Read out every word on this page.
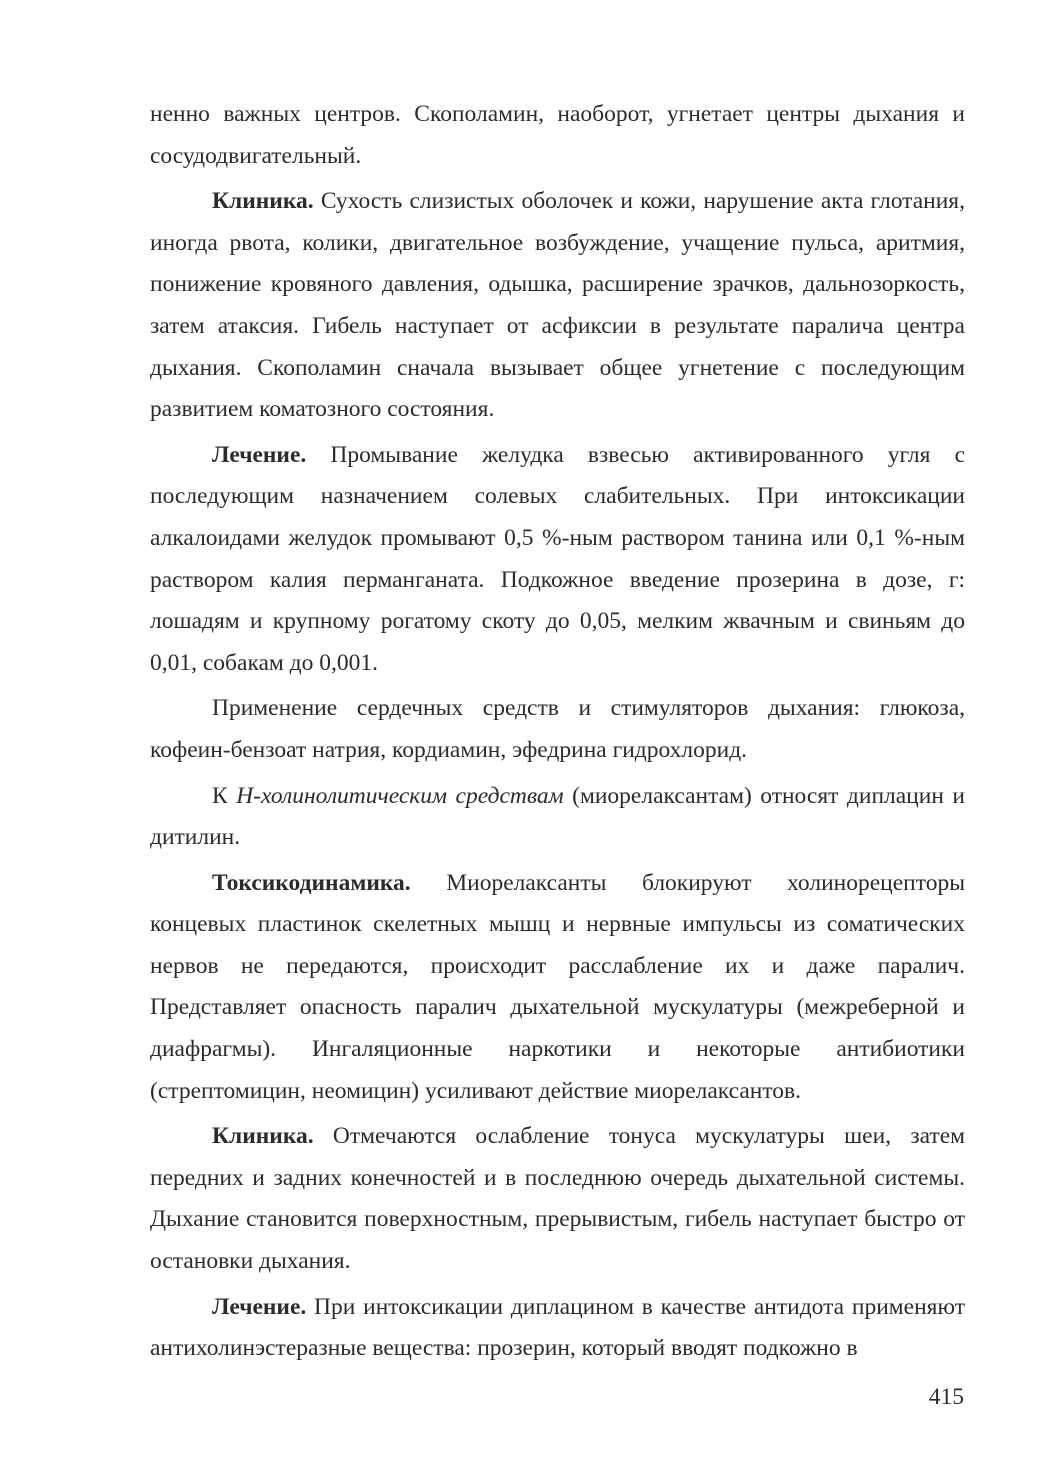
ненно важных центров. Скополамин, наоборот, угнетает центры дыхания и сосудодвигательный.

Клиника. Сухость слизистых оболочек и кожи, нарушение акта глотания, иногда рвота, колики, двигательное возбуждение, учащение пульса, аритмия, понижение кровяного давления, одышка, расширение зрачков, дальнозоркость, затем атаксия. Гибель наступает от асфиксии в результате паралича центра дыхания. Скополамин сначала вызывает общее угнетение с последующим развитием коматозного состояния.

Лечение. Промывание желудка взвесью активированного угля с последующим назначением солевых слабительных. При интоксикации алкалоидами желудок промывают 0,5 %-ным раствором танина или 0,1 %-ным раствором калия перманганата. Подкожное введение прозерина в дозе, г: лошадям и крупному рогатому скоту до 0,05, мелким жвачным и свиньям до 0,01, собакам до 0,001.

Применение сердечных средств и стимуляторов дыхания: глюкоза, кофеин-бензоат натрия, кордиамин, эфедрина гидрохлорид.

К Н-холинолитическим средствам (миорелаксантам) относят диплацин и дитилин.

Токсикодинамика. Миорелаксанты блокируют холинорецепторы концевых пластинок скелетных мышц и нервные импульсы из соматических нервов не передаются, происходит расслабление их и даже паралич. Представляет опасность паралич дыхательной мускулатуры (межреберной и диафрагмы). Ингаляционные наркотики и некоторые антибиотики (стрептомицин, неомицин) усиливают действие миорелаксантов.

Клиника. Отмечаются ослабление тонуса мускулатуры шеи, затем передних и задних конечностей и в последнюю очередь дыхательной системы. Дыхание становится поверхностным, прерывистым, гибель наступает быстро от остановки дыхания.

Лечение. При интоксикации диплацином в качестве антидота применяют антихолинэстеразные вещества: прозерин, который вводят подкожно в

415
